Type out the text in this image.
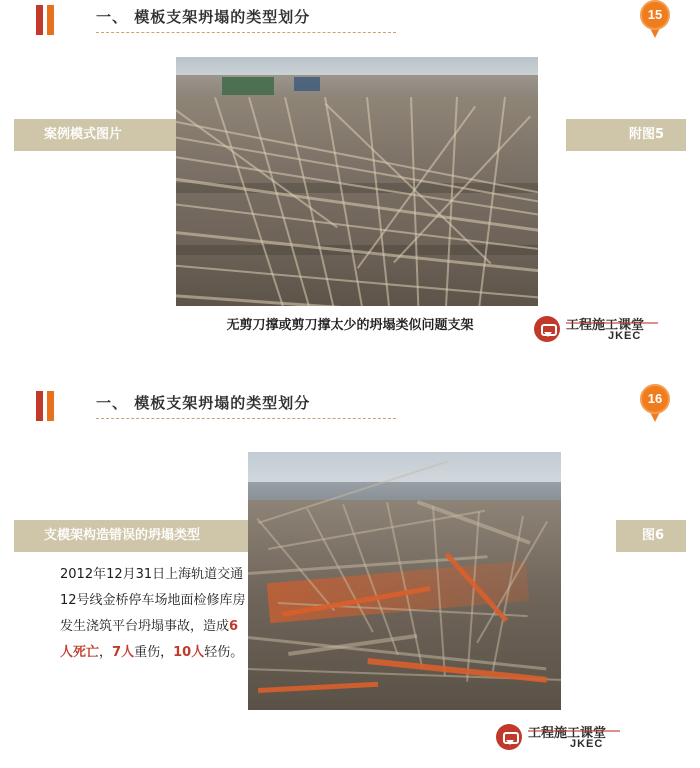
一、 模板支架坍塌的类型划分	15
案例模式图片	附图5
无剪刀撑或剪刀撑太少的坍塌类似问题支架	工程施工课堂
JKEC
一、 模板支架坍塌的类型划分	16
支模架构造错误的坍塌类型	图6
2012年12月31日上海轨道交通 12号线金桥停车场地面检修库房 发生浇筑平台坍塌事故，造成6人死亡，7人重伤，10人轻伤。
工程施工课堂
JKEC
